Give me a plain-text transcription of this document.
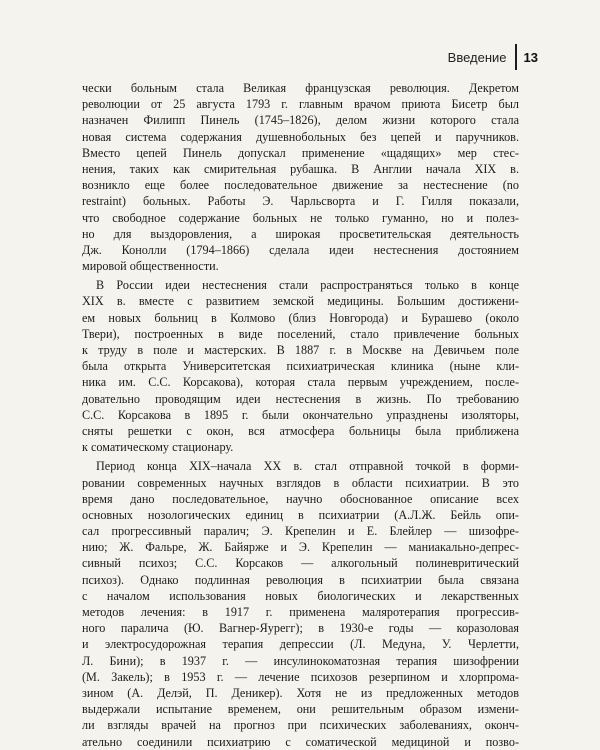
Введение 13
чески больным стала Великая французская революция. Декретом
революции от 25 августа 1793 г. главным врачом приюта Бисетр был
назначен Филипп Пинель (1745–1826), делом жизни которого стала
новая система содержания душевнобольных без цепей и паручников.
Вместо цепей Пинель допускал применение «щадящих» мер стес-
нения, таких как смирительная рубашка. В Англии начала XIX в.
возникло еще более последовательное движение за нестеснение (no
restraint) больных. Работы Э. Чарльсворта и Г. Гилля показали,
что свободное содержание больных не только гуманно, но и полез-
но для выздоровления, а широкая просветительская деятельность
Дж. Конолли (1794–1866) сделала идеи нестеснения достоянием
мировой общественности.
В России идеи нестеснения стали распространяться только в конце
XIX в. вместе с развитием земской медицины. Большим достижени-
ем новых больниц в Колмово (близ Новгорода) и Бурашево (около
Твери), построенных в виде поселений, стало привлечение больных
к труду в поле и мастерских. В 1887 г. в Москве на Девичьем поле
была открыта Университетская психиатрическая клиника (ныне кли-
ника им. С.С. Корсакова), которая стала первым учреждением, после-
довательно проводящим идеи нестеснения в жизнь. По требованию
С.С. Корсакова в 1895 г. были окончательно упразднены изоляторы,
сняты решетки с окон, вся атмосфера больницы была приближена
к соматическому стационару.
Период конца XIX–начала XX в. стал отправной точкой в форми-
ровании современных научных взглядов в области психиатрии. В это
время дано последовательное, научно обоснованное описание всех
основных нозологических единиц в психиатрии (А.Л.Ж. Бейль опи-
сал прогрессивный паралич; Э. Крепелин и Е. Блейлер — шизофре-
нию; Ж. Фальре, Ж. Байярже и Э. Крепелин — маниакально-депрес-
сивный психоз; С.С. Корсаков — алкогольный полиневритический
психоз). Однако подлинная революция в психиатрии была связана
с началом использования новых биологических и лекарственных
методов лечения: в 1917 г. применена маляротерапия прогрессив-
ного паралича (Ю. Вагнер-Яурегг); в 1930-е годы — коразоловая
и электросудорожная терапия депрессии (Л. Медуна, У. Черлетти,
Л. Бини); в 1937 г. — инсулинокоматозная терапия шизофрении
(М. Закель); в 1953 г. — лечение психозов резерпином и хлорпрома-
зином (А. Делэй, П. Деникер). Хотя не из предложенных методов
выдержали испытание временем, они решительным образом измени-
ли взгляды врачей на прогноз при психических заболеваниях, оконч-
ательно соединили психиатрию с соматической медициной и позво-
